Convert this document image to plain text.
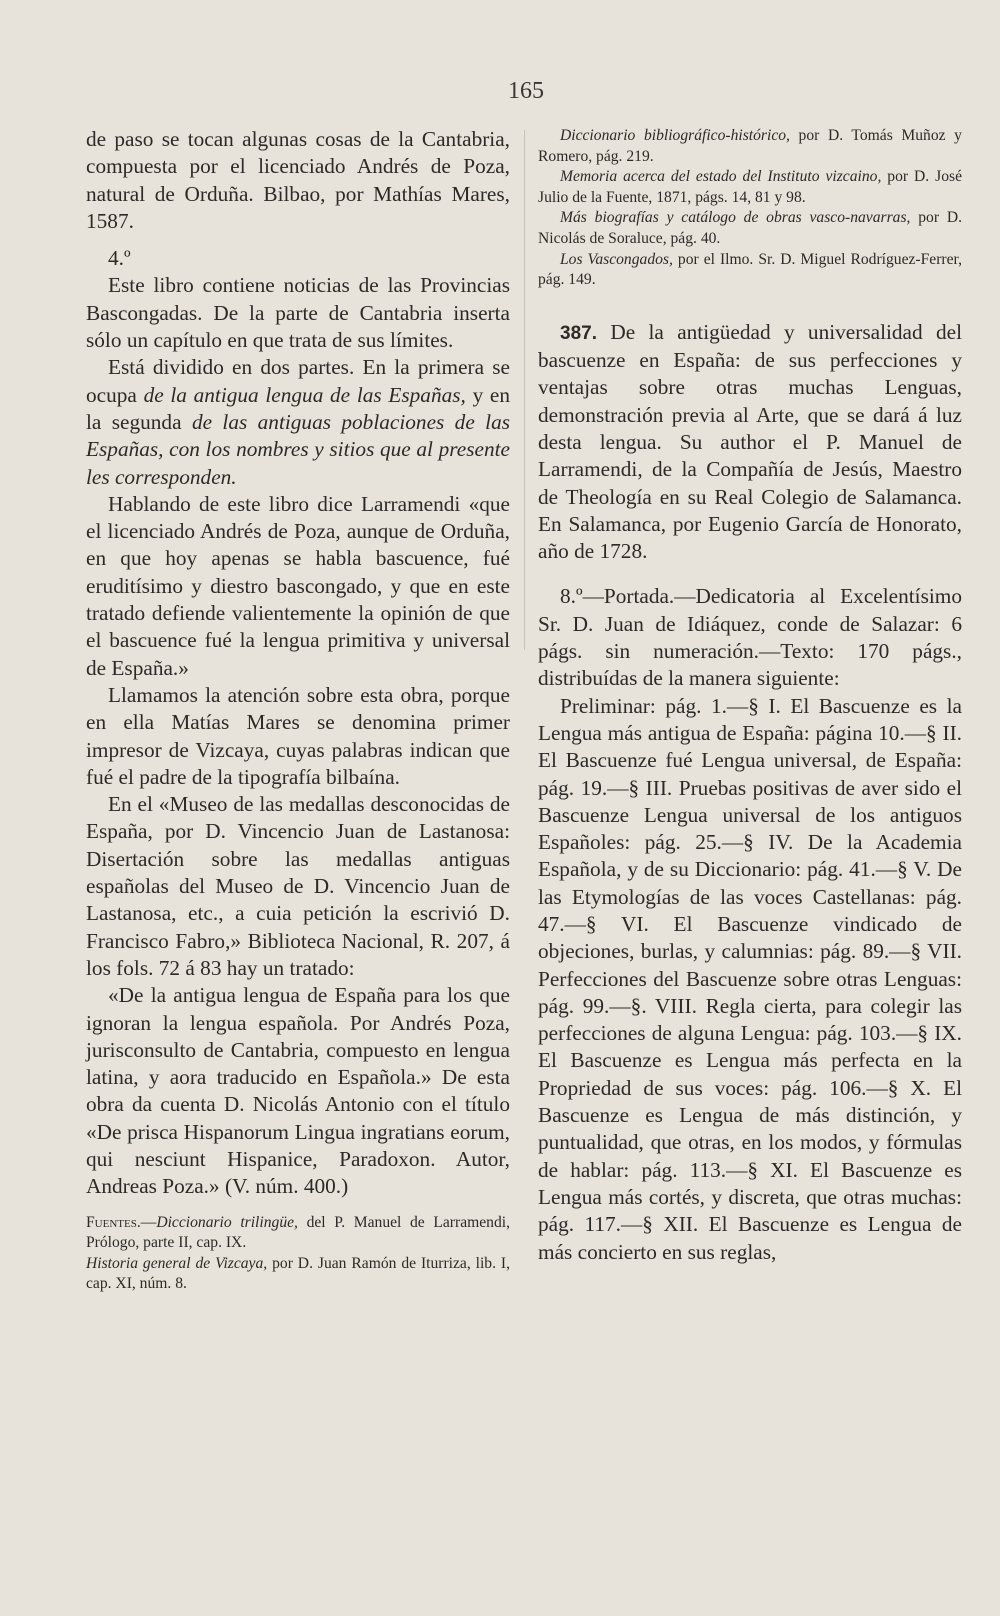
165

de paso se tocan algunas cosas de la Cantabria, compuesta por el licenciado Andrés de Poza, natural de Orduña. Bilbao, por Mathías Mares, 1587.

4.º

Este libro contiene noticias de las Provincias Bascongadas. De la parte de Cantabria inserta sólo un capítulo en que trata de sus límites.

Está dividido en dos partes. En la primera se ocupa de la antigua lengua de las Españas, y en la segunda de las antiguas poblaciones de las Españas, con los nombres y sitios que al presente les corresponden.

Hablando de este libro dice Larramendi «que el licenciado Andrés de Poza, aunque de Orduña, en que hoy apenas se habla bascuence, fué eruditísimo y diestro bascongado, y que en este tratado defiende valientemente la opinión de que el bascuence fué la lengua primitiva y universal de España.»

Llamamos la atención sobre esta obra, porque en ella Matías Mares se denomina primer impresor de Vizcaya, cuyas palabras indican que fué el padre de la tipografía bilbaína.

En el «Museo de las medallas desconocidas de España, por D. Vincencio Juan de Lastanosa: Disertación sobre las medallas antiguas españolas del Museo de D. Vincencio Juan de Lastanosa, etc., a cuia petición la escrivió D. Francisco Fabro,» Biblioteca Nacional, R. 207, á los fols. 72 á 83 hay un tratado:

«De la antigua lengua de España para los que ignoran la lengua española. Por Andrés Poza, jurisconsulto de Cantabria, compuesto en lengua latina, y aora traducido en Española.» De esta obra da cuenta D. Nicolás Antonio con el título «De prisca Hispanorum Lingua ingratians eorum, qui nesciunt Hispanice, Paradoxon. Autor, Andreas Poza.» (V. núm. 400.)

Fuentes.—Diccionario trilingüe, del P. Manuel de Larramendi, Prólogo, parte II, cap. IX.

Historia general de Vizcaya, por D. Juan Ramón de Iturriza, lib. I, cap. XI, núm. 8.

Diccionario bibliográfico-histórico, por D. Tomás Muñoz y Romero, pág. 219.

Memoria acerca del estado del Instituto vizcaino, por D. José Julio de la Fuente, 1871, págs. 14, 81 y 98.

Más biografías y catálogo de obras vasco-navarras, por D. Nicolás de Soraluce, pág. 40.

Los Vascongados, por el Ilmo. Sr. D. Miguel Rodríguez-Ferrer, pág. 149.

387. De la antigüedad y universalidad del bascuenze en España: de sus perfecciones y ventajas sobre otras muchas Lenguas, demonstración previa al Arte, que se dará á luz desta lengua. Su author el P. Manuel de Larramendi, de la Compañía de Jesús, Maestro de Theología en su Real Colegio de Salamanca. En Salamanca, por Eugenio García de Honorato, año de 1728.

8.º—Portada.—Dedicatoria al Excelentísimo Sr. D. Juan de Idiáquez, conde de Salazar: 6 págs. sin numeración.—Texto: 170 págs., distribuídas de la manera siguiente:

Preliminar: pág. 1.—§ I. El Bascuenze es la Lengua más antigua de España: página 10.—§ II. El Bascuenze fué Lengua universal, de España: pág. 19.—§ III. Pruebas positivas de aver sido el Bascuenze Lengua universal de los antiguos Españoles: pág. 25.—§ IV. De la Academia Española, y de su Diccionario: pág. 41.—§ V. De las Etymologías de las voces Castellanas: pág. 47.—§ VI. El Bascuenze vindicado de objeciones, burlas, y calumnias: pág. 89.—§ VII. Perfecciones del Bascuenze sobre otras Lenguas: pág. 99.—§. VIII. Regla cierta, para colegir las perfecciones de alguna Lengua: pág. 103.—§ IX. El Bascuenze es Lengua más perfecta en la Propriedad de sus voces: pág. 106.—§ X. El Bascuenze es Lengua de más distinción, y puntualidad, que otras, en los modos, y fórmulas de hablar: pág. 113.—§ XI. El Bascuenze es Lengua más cortés, y discreta, que otras muchas: pág. 117.—§ XII. El Bascuenze es Lengua de más concierto en sus reglas,
